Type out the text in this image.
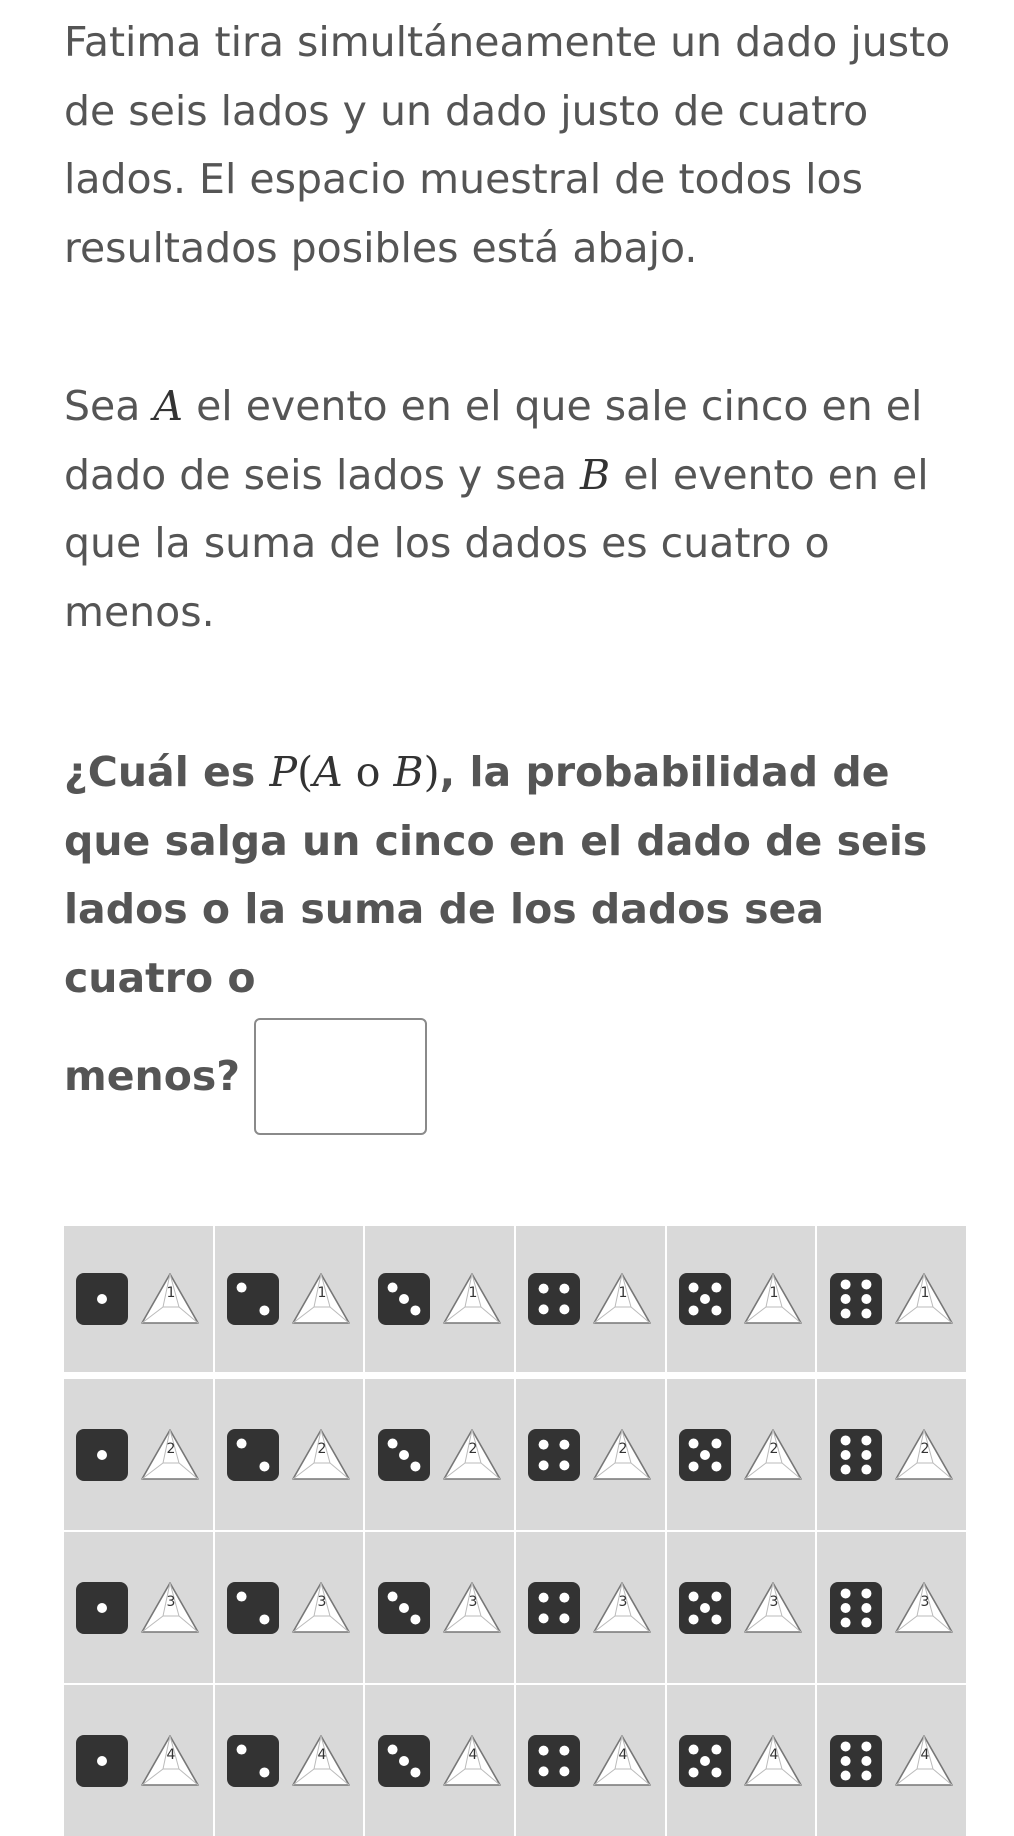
Fatima tira simultáneamente un dado justo de seis lados y un dado justo de cuatro lados. El espacio muestral de todos los resultados posibles está abajo.

Sea A el evento en el que sale cinco en el dado de seis lados y sea B el evento en el que la suma de los dados es cuatro o menos.

¿Cuál es P(A o B), la probabilidad de que salga un cinco en el dado de seis lados o la suma de los dados sea cuatro o
menos?
1	1	1	1	1	1
2	2	2	2	2	2
3	3	3	3	3	3
4	4	4	4	4	4
